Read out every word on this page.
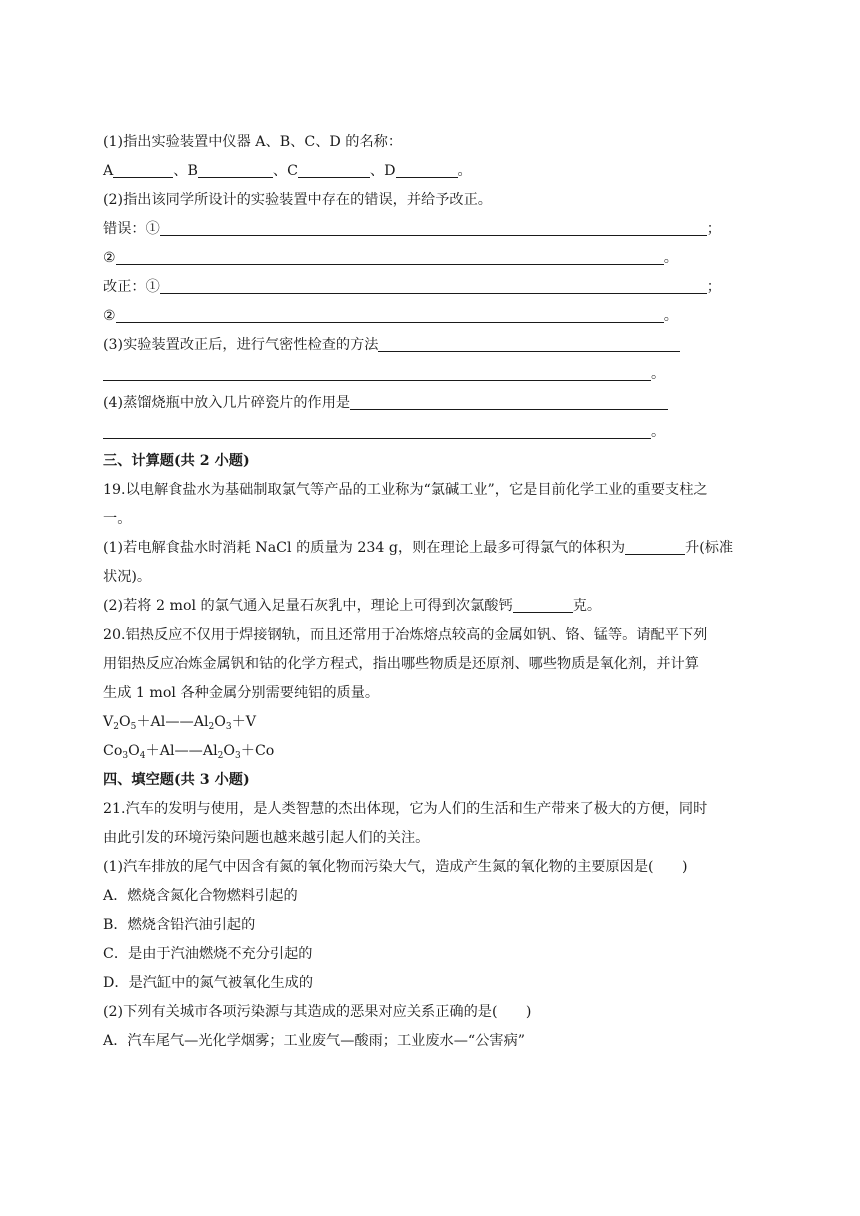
(1)指出实验装置中仪器 A、B、C、D 的名称：
A	、B	、C	、D	。
(2)指出该同学所设计的实验装置中存在的错误，并给予改正。
错误：①	；
②	。
改正：①	；
②	。
(3)实验装置改正后，进行气密性检查的方法
。
(4)蒸馏烧瓶中放入几片碎瓷片的作用是
。
三、计算题(共 2 小题)
19.以电解食盐水为基础制取氯气等产品的工业称为“氯碱工业”，它是目前化学工业的重要支柱之
一。
(1)若电解食盐水时消耗 NaCl 的质量为 234 g，则在理论上最多可得氯气的体积为	升(标准
状况)。
(2)若将 2 mol 的氯气通入足量石灰乳中，理论上可得到次氯酸钙	克。
20.铝热反应不仅用于焊接钢轨，而且还常用于冶炼熔点较高的金属如钒、铬、锰等。请配平下列
用铝热反应冶炼金属钒和钴的化学方程式，指出哪些物质是还原剂、哪些物质是氧化剂，并计算
生成 1 mol 各种金属分别需要纯铝的质量。
$V_2O_5+Al——Al_2O_3+V$
$Co_3O_4+Al——Al_2O_3+Co$
四、填空题(共 3 小题)
21.汽车的发明与使用，是人类智慧的杰出体现，它为人们的生活和生产带来了极大的方便，同时
由此引发的环境污染问题也越来越引起人们的关注。
(1)汽车排放的尾气中因含有氮的氧化物而污染大气，造成产生氮的氧化物的主要原因是(　　)
A．燃烧含氮化合物燃料引起的
B．燃烧含铅汽油引起的
C．是由于汽油燃烧不充分引起的
D．是汽缸中的氮气被氧化生成的
(2)下列有关城市各项污染源与其造成的恶果对应关系正确的是(　　)
A．汽车尾气—光化学烟雾；工业废气—酸雨；工业废水—“公害病”
